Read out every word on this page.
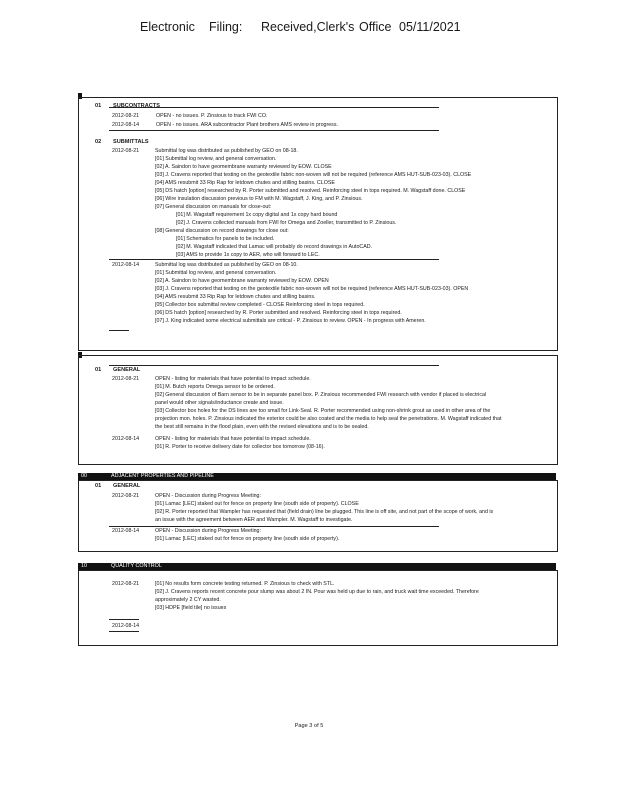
Electronic Filing: Received,Clerk's Office 05/11/2021
01 SUBCONTRACTS
2012-08-21	OPEN - no issues. P. Zinsious to track FWI CO.
2012-08-14	OPEN - no issues. ARA subcontractor Plant brothers AMS review in progress.
02 SUBMITTALS
2012-08-21	Submittal log was distributed as published by GEO on 08-18.
[01] Submittal log review, and general conversation.
[02] A. Saindon to have geomembrane warranty reviewed by EOW. CLOSE
[03] J. Cravens reported that testing on the geotextile fabric non-woven will not be required (reference AMS HUT-SUB-023-03). CLOSE
[04] AMS resubmit 33 Rip Rap for letdown chutes and stilling basins. CLOSE
[05] DS hatch [option] researched by R. Porter submitted and resolved. Reinforcing steel in tops required. M. Wagstaff done. CLOSE
[06] Wire insulation discussion previous to FM with M. Wagstaff, J. King, and P. Zinsious.
[07] General discussion on manuals for close-out:
[01] M. Wagstaff requirement 1x copy digital and 1x copy hard bound
[02] J. Cravens collected manuals from FWI for Omega and Zoeller, transmitted to P. Zinsious.
[08] General discussion on record drawings for close out:
[01] Schematics for panels to be included.
[02] M. Wagstaff indicated that Lamac will probably do record drawings in AutoCAD.
[03] AMS to provide 1x copy to AER, who will forward to LEC.
2012-08-14	Submittal log was distributed as published by GEO on 08-10.
[01] Submittal log review, and general conversation.
[02] A. Saindon to have geomembrane warranty reviewed by EOW. OPEN
[03] J. Cravens reported that testing on the geotextile fabric non-woven will not be required (reference AMS HUT-SUB-023-03). OPEN
[04] AMS resubmit 33 Rip Rap for letdown chutes and stilling basins.
[05] Collector box submittal review completed - CLOSE Reinforcing steel in tops required.
[06] DS hatch [option] researched by R. Porter submitted and resolved. Reinforcing steel in tops required.
[07] J. King indicated some electrical submittals are critical - P. Zinsious to review. OPEN - In progress with Ameren.
01 GENERAL
2012-08-21	OPEN - listing for materials that have potential to impact schedule.
[01] M. Butch reports Omega sensor to be ordered.
[02] General discussion of Barn sensor to be in separate panel box. P. Zinsious recommended FWI research with vendor if placed is electrical
panel would other signals/inductance create and issue.
[03] Collector box holes for the DS lines are too small for Link-Seal. R. Porter recommended using non-shrink grout as used in other area of the
projection mon. holes. P. Zinsious indicated the exterior could be also coated and the media to help seal the penetrations. M. Wagstaff indicated that
the best still remains in the flood plain, even with the revised elevations and is to be sealed.
2012-08-14	OPEN - listing for materials that have potential to impact schedule.
[01] R. Porter to receive delivery date for collector box tomorrow (08-16).
00	ADJACENT PROPERTIES AND PIPELINE
01 GENERAL
2012-08-21	OPEN - Discussion during Progress Meeting:
[01] Lamac [LEC] staked out for fence on property line (south side of property). CLOSE
[02] R. Porter reported that Wampler has requested that (field drain) line be plugged. This line is off site, and not part of the scope of work, and is
an issue with the agreement between AER and Wampler. M. Wagstaff to investigate.
2012-08-14	OPEN - Discussion during Progress Meeting:
[01] Lamac [LEC] staked out for fence on property line (south side of property).
10	QUALITY CONTROL
2012-08-21	[01] No results form concrete testing returned. P. Zinsious to check with STL.
[02] J. Cravens reports recent concrete pour slump was about 2 IN. Pour was held up due to rain, and truck wait time exceeded. Therefore
approximately 2 CY wasted.
[03] HDPE [field tile] no issues
2012-08-14
Page 3 of 5
